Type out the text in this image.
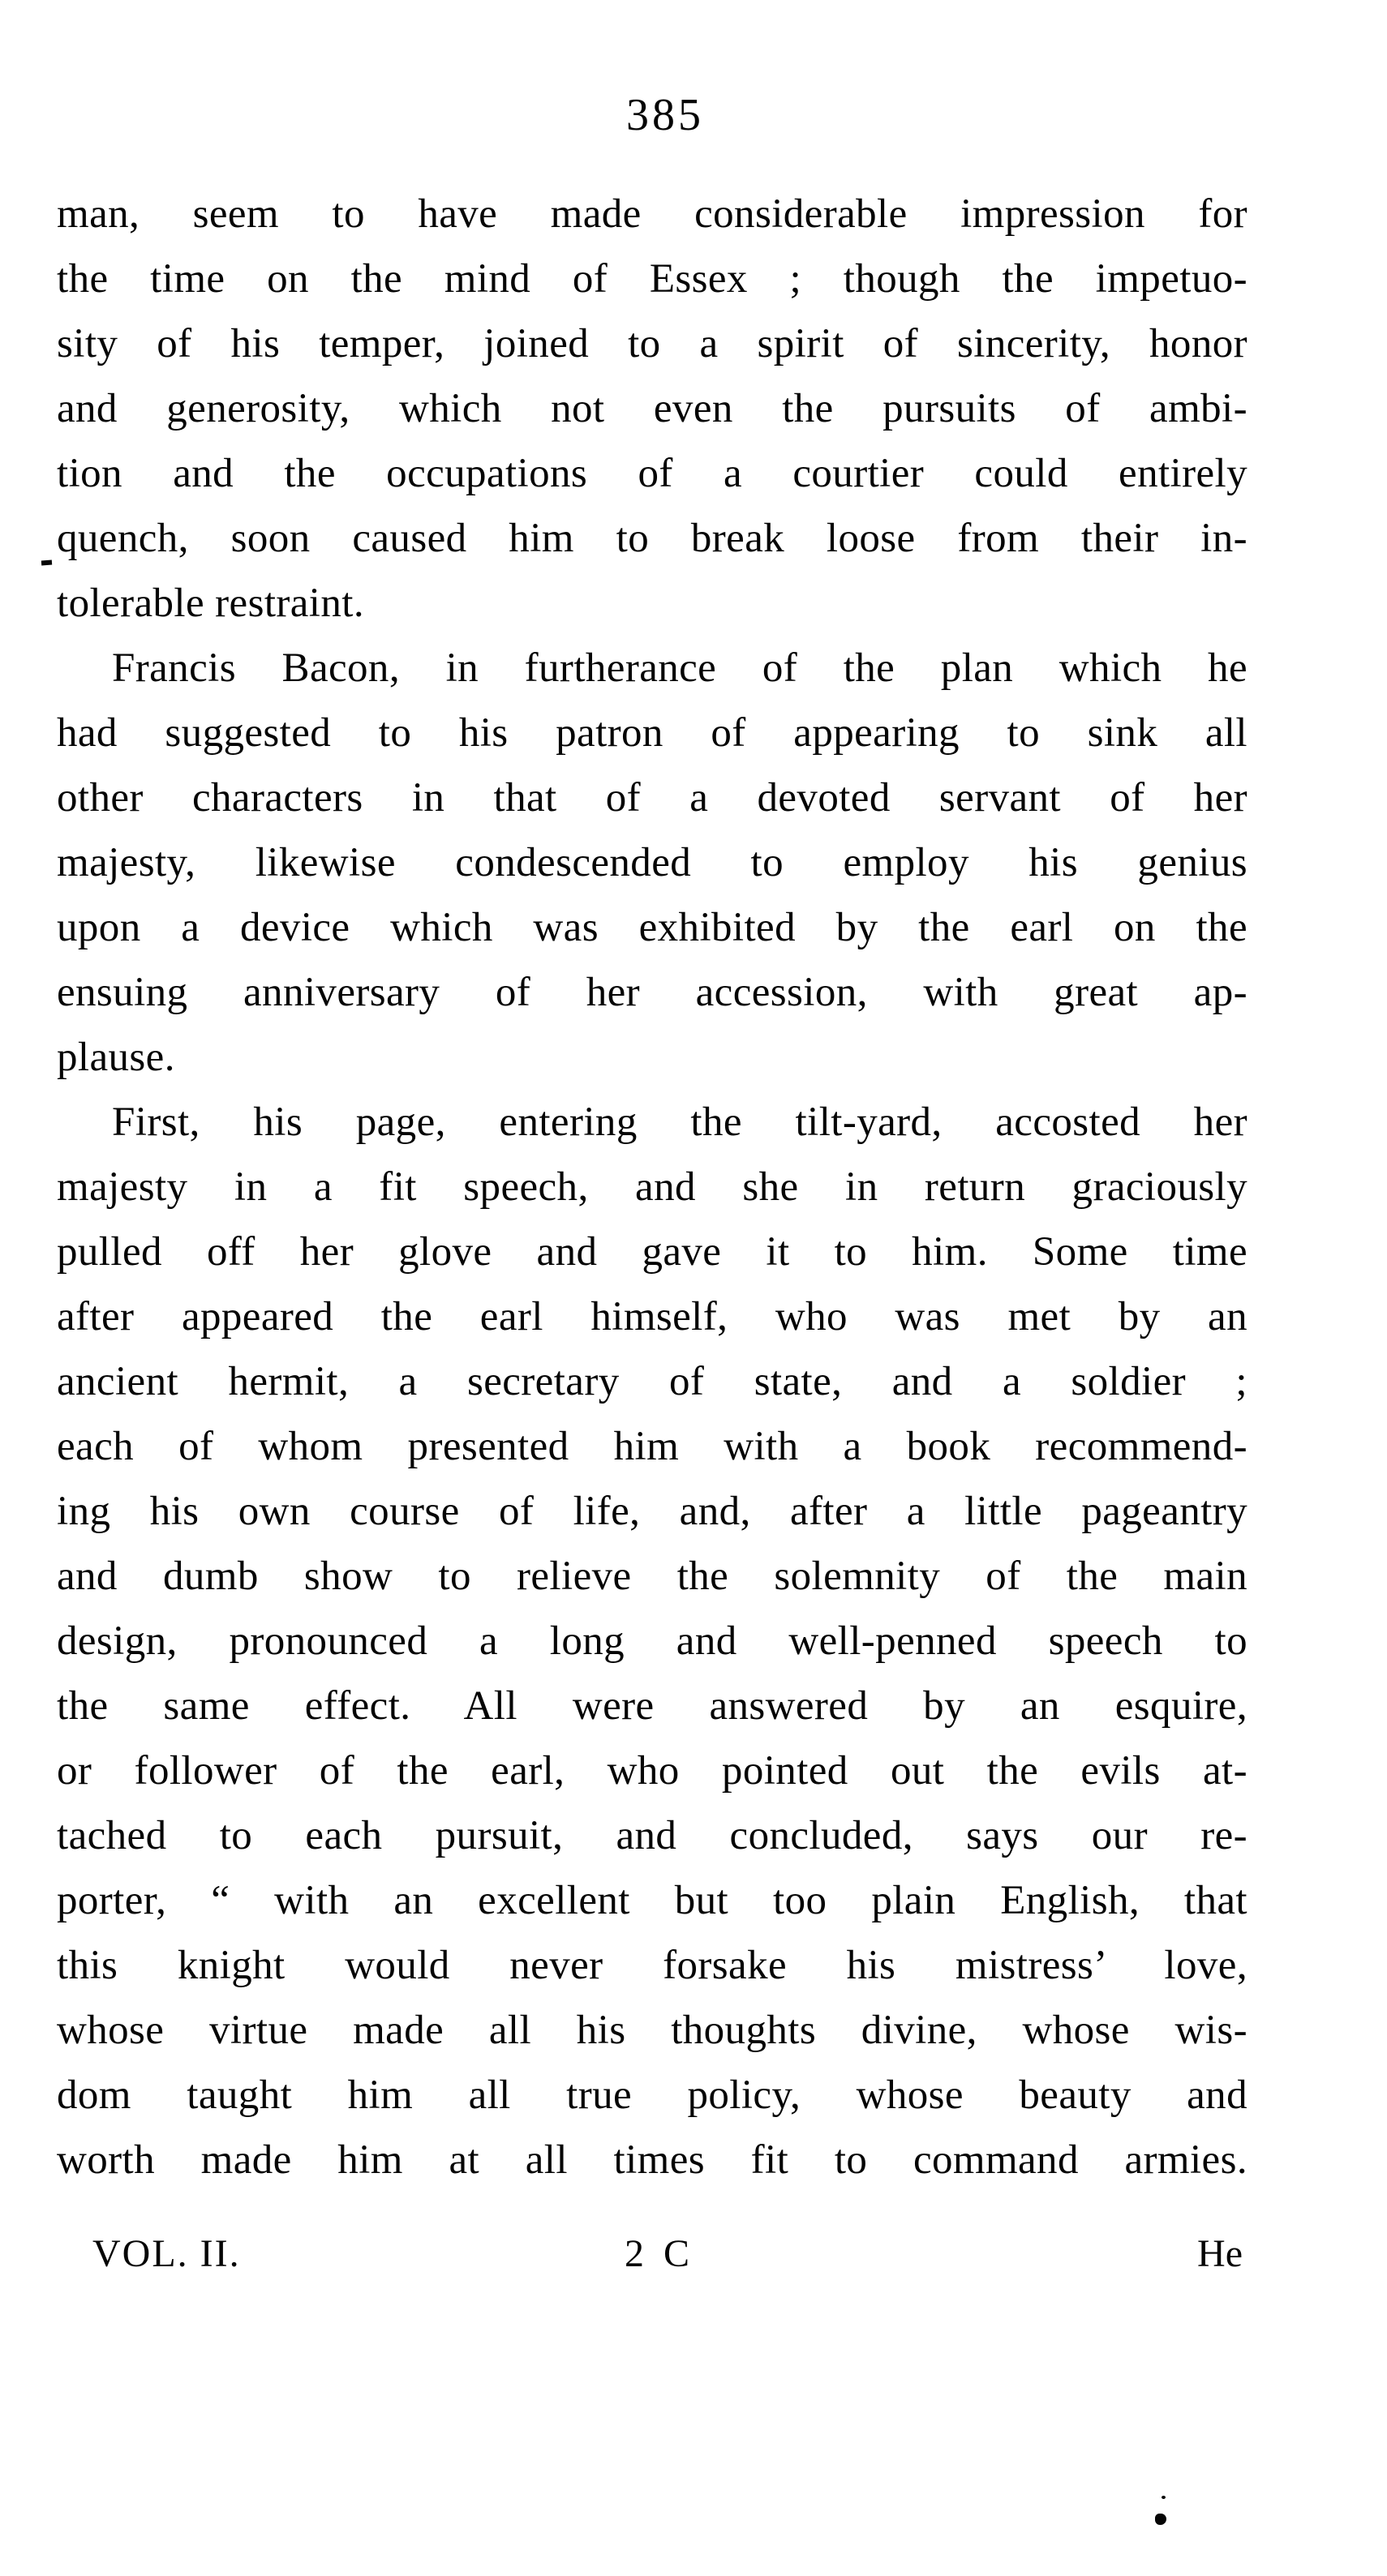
385
man, seem to have made considerable impression for
the time on the mind of Essex ; though the impetuo-
sity of his temper, joined to a spirit of sincerity, honor
and generosity, which not even the pursuits of ambi-
tion and the occupations of a courtier could entirely
quench, soon caused him to break loose from their in-
tolerable restraint.
Francis Bacon, in furtherance of the plan which he
had suggested to his patron of appearing to sink all
other characters in that of a devoted servant of her
majesty, likewise condescended to employ his genius
upon a device which was exhibited by the earl on the
ensuing anniversary of her accession, with great ap-
plause.
First, his page, entering the tilt-yard, accosted her
majesty in a fit speech, and she in return graciously
pulled off her glove and gave it to him. Some time
after appeared the earl himself, who was met by an
ancient hermit, a secretary of state, and a soldier ;
each of whom presented him with a book recommend-
ing his own course of life, and, after a little pageantry
and dumb show to relieve the solemnity of the main
design, pronounced a long and well-penned speech to
the same effect. All were answered by an esquire,
or follower of the earl, who pointed out the evils at-
tached to each pursuit, and concluded, says our re-
porter, “ with an excellent but too plain English, that
this knight would never forsake his mistress’ love,
whose virtue made all his thoughts divine, whose wis-
dom taught him all true policy, whose beauty and
worth made him at all times fit to command armies.
VOL. II.	2 C	He
